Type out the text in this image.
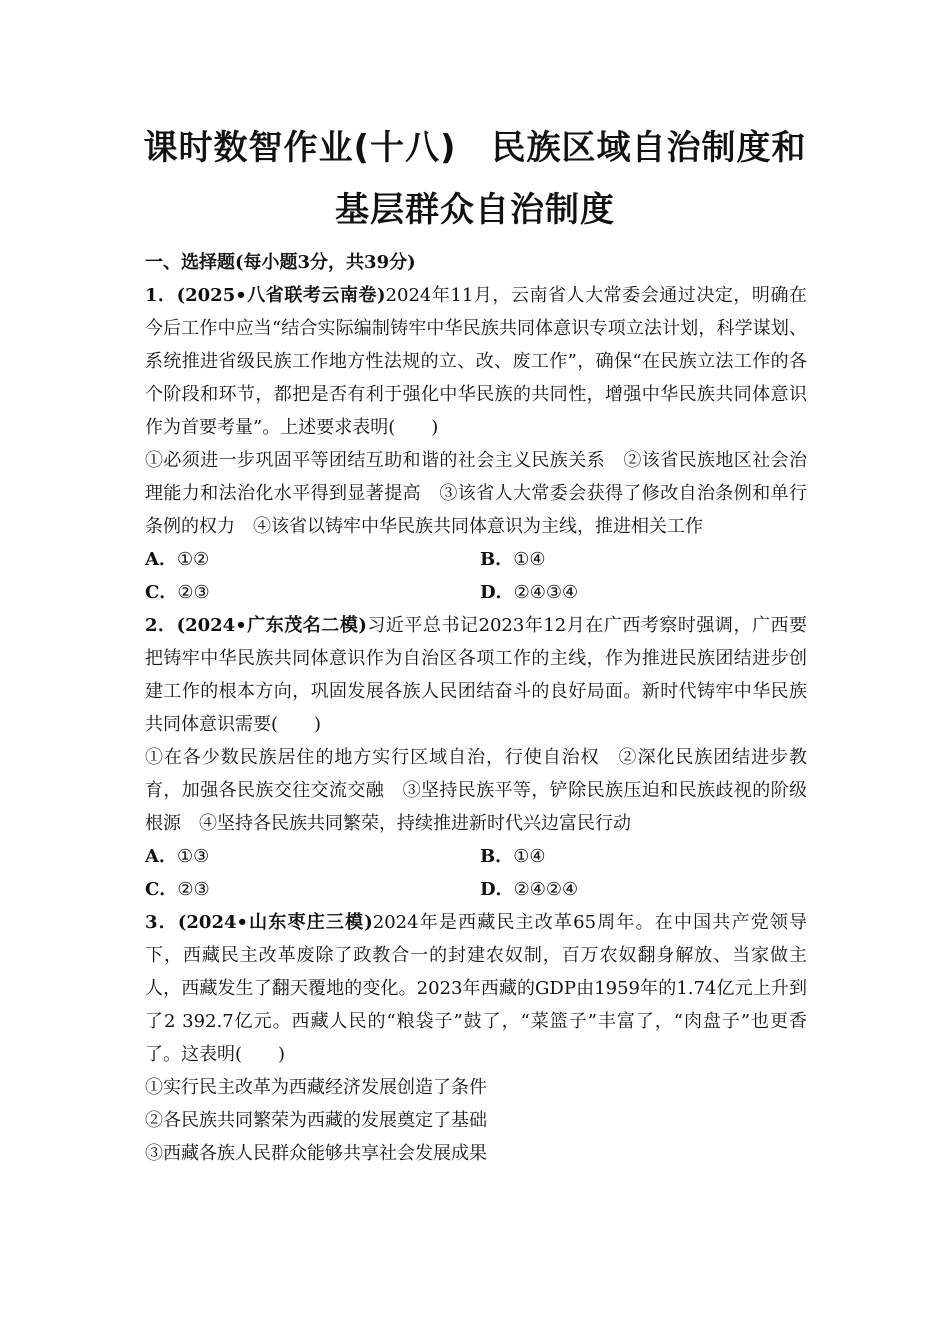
课时数智作业(十八)　民族区域自治制度和
基层群众自治制度

一、选择题(每小题3分，共39分)

1．(2025•八省联考云南卷)2024年11月，云南省人大常委会通过决定，明确在今后工作中应当“结合实际编制铸牢中华民族共同体意识专项立法计划，科学谋划、系统推进省级民族工作地方性法规的立、改、废工作”，确保“在民族立法工作的各个阶段和环节，都把是否有利于强化中华民族的共同性，增强中华民族共同体意识作为首要考量”。上述要求表明(　　)

①必须进一步巩固平等团结互助和谐的社会主义民族关系　②该省民族地区社会治理能力和法治化水平得到显著提高　③该省人大常委会获得了修改自治条例和单行条例的权力　④该省以铸牢中华民族共同体意识为主线，推进相关工作

A．①②	B．①④
C．②③	D．②④③④

2．(2024•广东茂名二模)习近平总书记2023年12月在广西考察时强调，广西要把铸牢中华民族共同体意识作为自治区各项工作的主线，作为推进民族团结进步创建工作的根本方向，巩固发展各族人民团结奋斗的良好局面。新时代铸牢中华民族共同体意识需要(　　)

①在各少数民族居住的地方实行区域自治，行使自治权　②深化民族团结进步教育，加强各民族交往交流交融　③坚持民族平等，铲除民族压迫和民族歧视的阶级根源　④坚持各民族共同繁荣，持续推进新时代兴边富民行动

A．①③	B．①④
C．②③	D．②④②④

3．(2024•山东枣庄三模)2024年是西藏民主改革65周年。在中国共产党领导下，西藏民主改革废除了政教合一的封建农奴制，百万农奴翻身解放、当家做主人，西藏发生了翻天覆地的变化。2023年西藏的GDP由1959年的1.74亿元上升到了2 392.7亿元。西藏人民的“粮袋子”鼓了，“菜篮子”丰富了，“肉盘子”也更香了。这表明(　　)

①实行民主改革为西藏经济发展创造了条件

②各民族共同繁荣为西藏的发展奠定了基础

③西藏各族人民群众能够共享社会发展成果
